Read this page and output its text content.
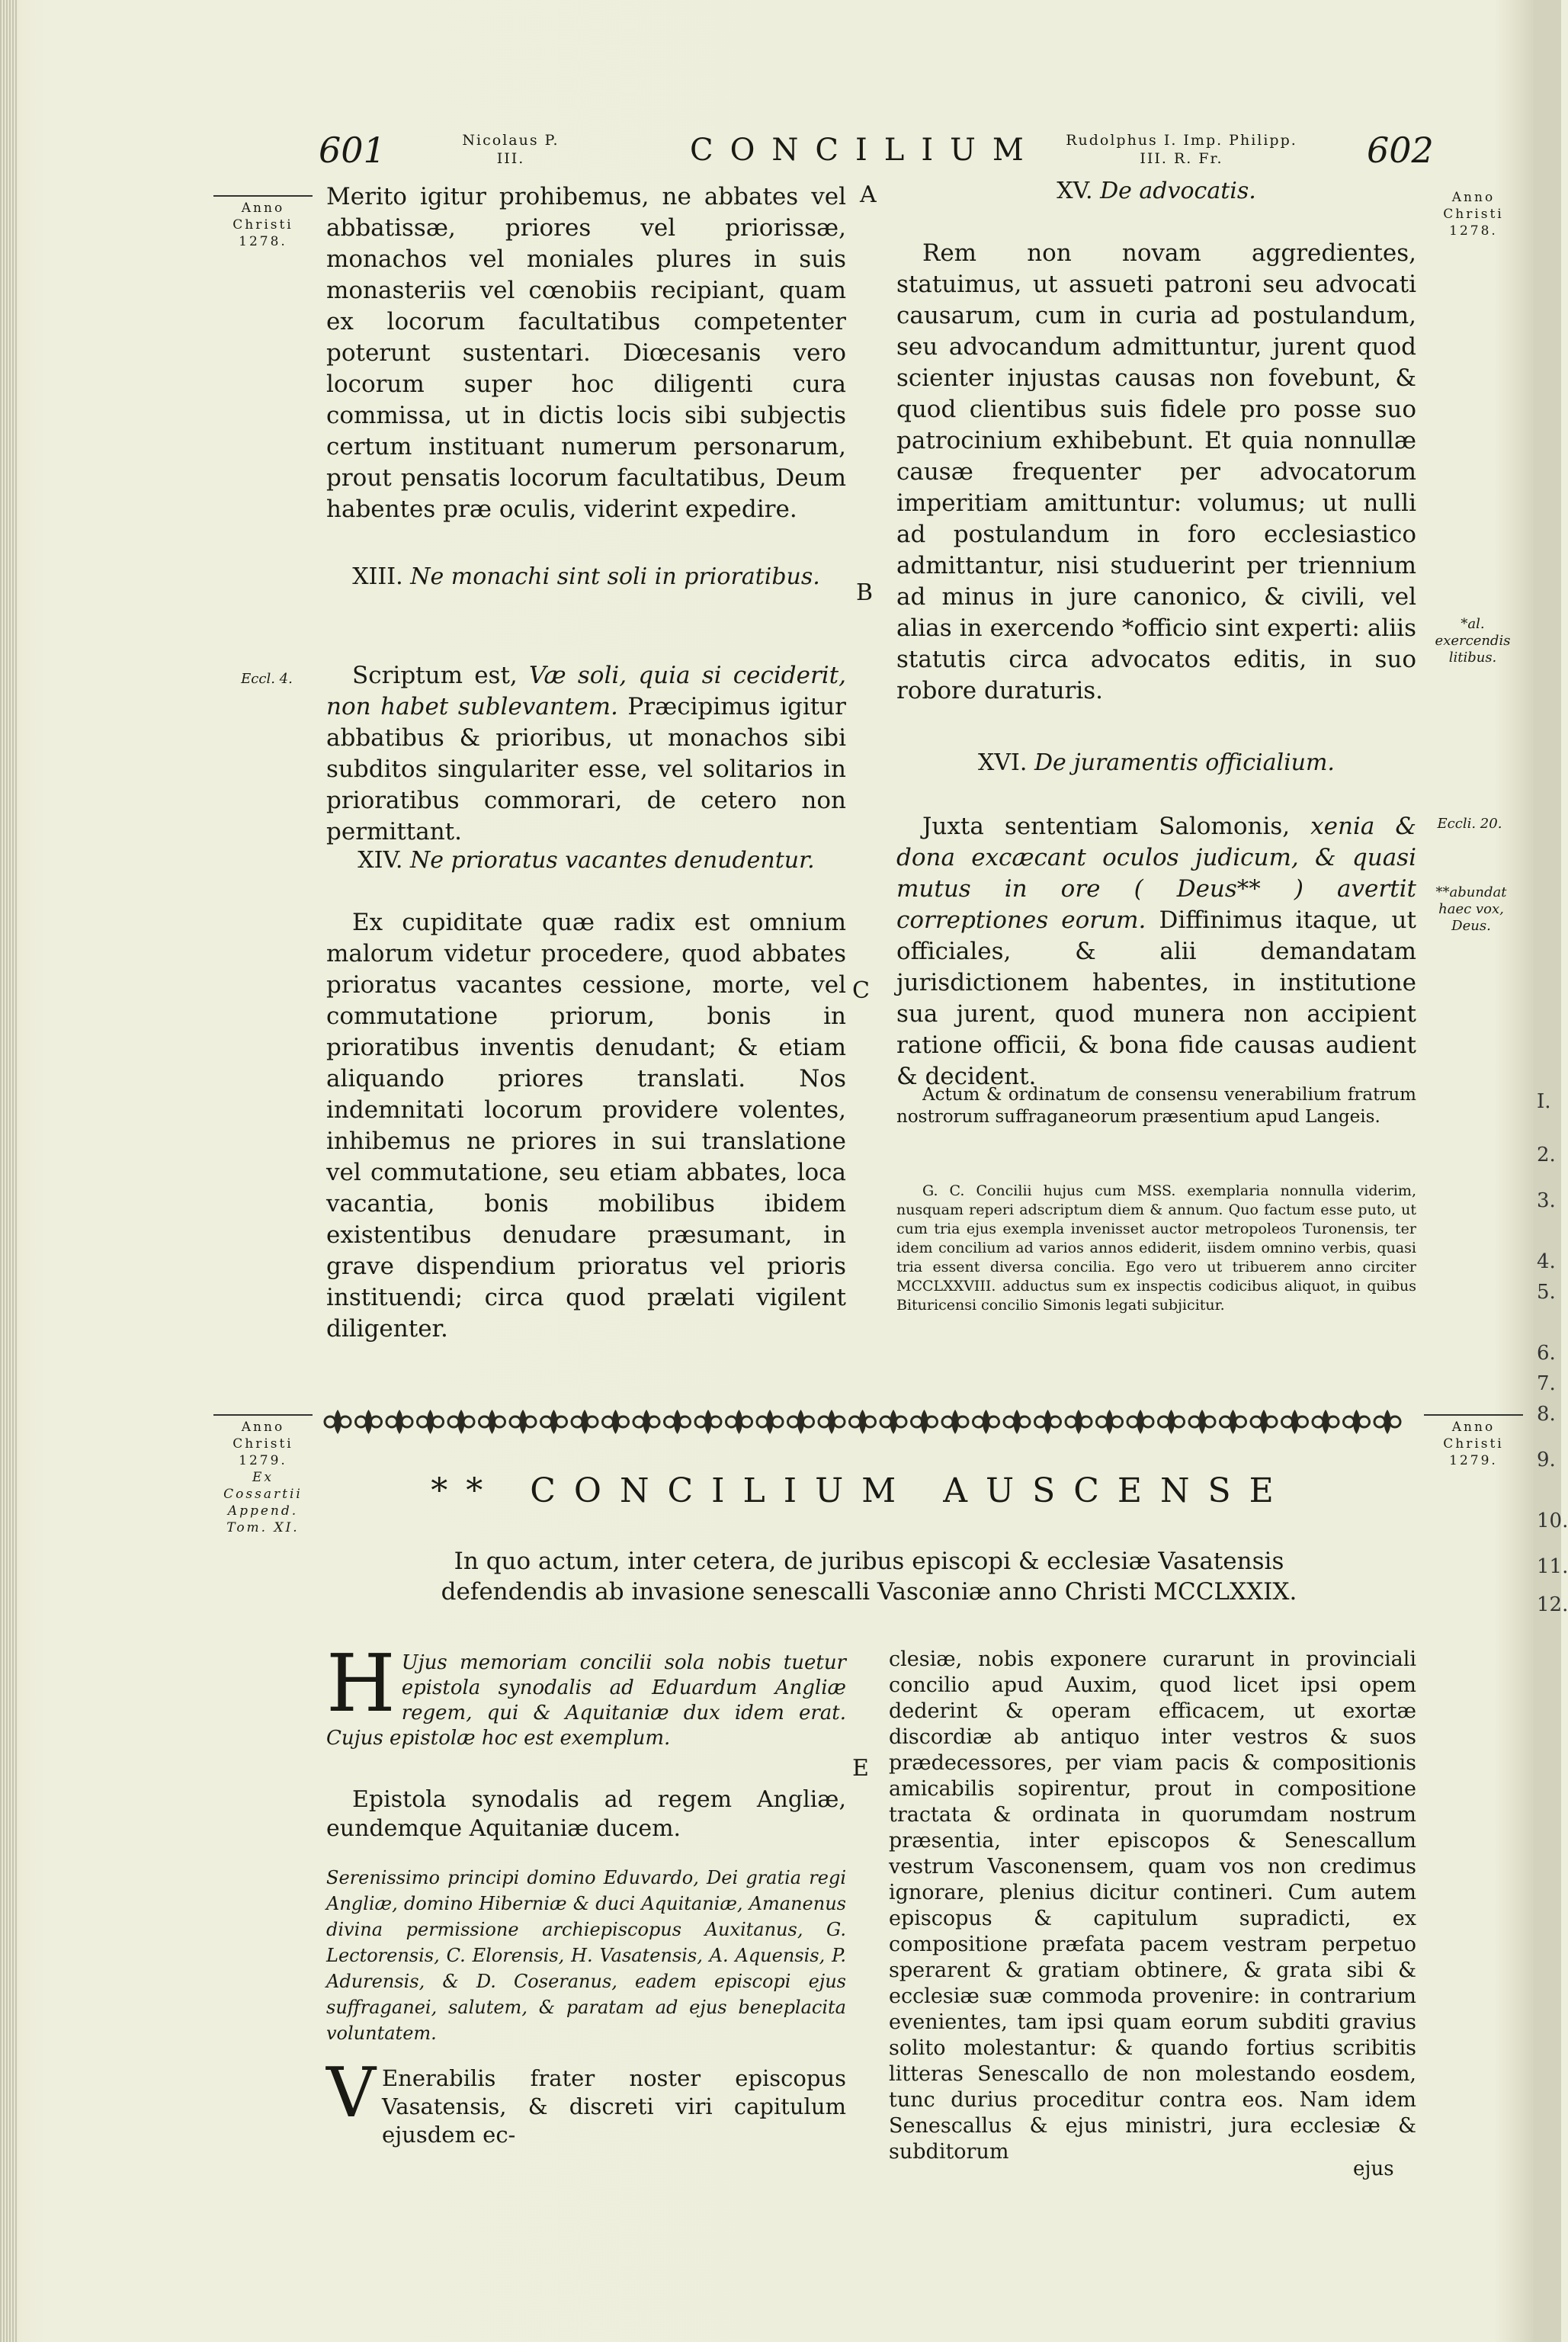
I.
2.
3.
4.
5.
6.
7.
8.
9.
10.
11.
12.
601	Nicolaus P. III.	CONCILIUM	Rudolphus I. Imp. Philipp. III. R. Fr.	602
Anno Christi 1278.
Anno Christi 1278.
Anno Christi 1279.
Ex Cossartii Append. Tom. XI.
Anno Christi 1279.
A
B
C
E
Eccl. 4.
*al. exercendis litibus.
Eccli. 20.
**abundat haec vox, Deus.

Merito igitur prohibemus, ne abbates vel abbatissæ, priores vel priorissæ, monachos vel moniales plures in suis monasteriis vel cœnobiis recipiant, quam ex locorum facultatibus competenter poterunt sustentari. Diœcesanis vero locorum super hoc diligenti cura commissa, ut in dictis locis sibi subjectis certum instituant numerum personarum, prout pensatis locorum facultatibus, Deum habentes præ oculis, viderint expedire.

XIII. Ne monachi sint soli in prioratibus.

Scriptum est, Væ soli, quia si ceciderit, non habet sublevantem. Præcipimus igitur abbatibus & prioribus, ut monachos sibi subditos singulariter esse, vel solitarios in prioratibus commorari, de cetero non permittant.

XIV. Ne prioratus vacantes denudentur.

Ex cupiditate quæ radix est omnium malorum videtur procedere, quod abbates prioratus vacantes cessione, morte, vel commutatione priorum, bonis in prioratibus inventis denudant; & etiam aliquando priores translati. Nos indemnitati locorum providere volentes, inhibemus ne priores in sui translatione vel commutatione, seu etiam abbates, loca vacantia, bonis mobilibus ibidem existentibus denudare præsumant, in grave dispendium prioratus vel prioris instituendi; circa quod prælati vigilent diligenter.

XV. De advocatis.

Rem non novam aggredientes, statuimus, ut assueti patroni seu advocati causarum, cum in curia ad postulandum, seu advocandum admittuntur, jurent quod scienter injustas causas non fovebunt, & quod clientibus suis fidele pro posse suo patrocinium exhibebunt. Et quia nonnullæ causæ frequenter per advocatorum imperitiam amittuntur: volumus; ut nulli ad postulandum in foro ecclesiastico admittantur, nisi studuerint per triennium ad minus in jure canonico, & civili, vel alias in exercendo *officio sint experti: aliis statutis circa advocatos editis, in suo robore duraturis.

XVI. De juramentis officialium.

Juxta sententiam Salomonis, xenia & dona excæcant oculos judicum, & quasi mutus in ore ( Deus** ) avertit correptiones eorum. Diffinimus itaque, ut officiales, & alii demandatam jurisdictionem habentes, in institutione sua jurent, quod munera non accipient ratione officii, & bona fide causas audient & decident.

Actum & ordinatum de consensu venerabilium fratrum nostrorum suffraganeorum præsentium apud Langeis.

G. C. Concilii hujus cum MSS. exemplaria nonnulla viderim, nusquam reperi adscriptum diem & annum. Quo factum esse puto, ut cum tria ejus exempla invenisset auctor metropoleos Turonensis, ter idem concilium ad varios annos ediderit, iisdem omnino verbis, quasi tria essent diversa concilia. Ego vero ut tribuerem anno circiter MCCLXXVIII. adductus sum ex inspectis codicibus aliquot, in quibus Bituricensi concilio Simonis legati subjicitur.

** CONCILIUM AUSCENSE
In quo actum, inter cetera, de juribus episcopi & ecclesiæ Vasatensis defendendis ab invasione senescalli Vasconiæ anno Christi MCCLXXIX.

H Ujus memoriam concilii sola nobis tuetur epistola synodalis ad Eduardum Angliæ regem, qui & Aquitaniæ dux idem erat. Cujus epistolæ hoc est exemplum.

Epistola synodalis ad regem Angliæ, eundemque Aquitaniæ ducem.

Serenissimo principi domino Eduvardo, Dei gratia regi Angliæ, domino Hiberniæ & duci Aquitaniæ, Amanenus divina permissione archiepiscopus Auxitanus, G. Lectorensis, C. Elorensis, H. Vasatensis, A. Aquensis, P. Adurensis, & D. Coseranus, eadem episcopi ejus suffraganei, salutem, & paratam ad ejus beneplacita voluntatem.

V Enerabilis frater noster episcopus Vasatensis, & discreti viri capitulum ejusdem ec-

clesiæ, nobis exponere curarunt in provinciali concilio apud Auxim, quod licet ipsi opem dederint & operam efficacem, ut exortæ discordiæ ab antiquo inter vestros & suos prædecessores, per viam pacis & compositionis amicabilis sopirentur, prout in compositione tractata & ordinata in quorumdam nostrum præsentia, inter episcopos & Senescallum vestrum Vasconensem, quam vos non credimus ignorare, plenius dicitur contineri. Cum autem episcopus & capitulum supradicti, ex compositione præfata pacem vestram perpetuo sperarent & gratiam obtinere, & grata sibi & ecclesiæ suæ commoda provenire: in contrarium evenientes, tam ipsi quam eorum subditi gravius solito molestantur: & quando fortius scribitis litteras Senescallo de non molestando eosdem, tunc durius proceditur contra eos. Nam idem Senescallus & ejus ministri, jura ecclesiæ & subditorum

ejus
